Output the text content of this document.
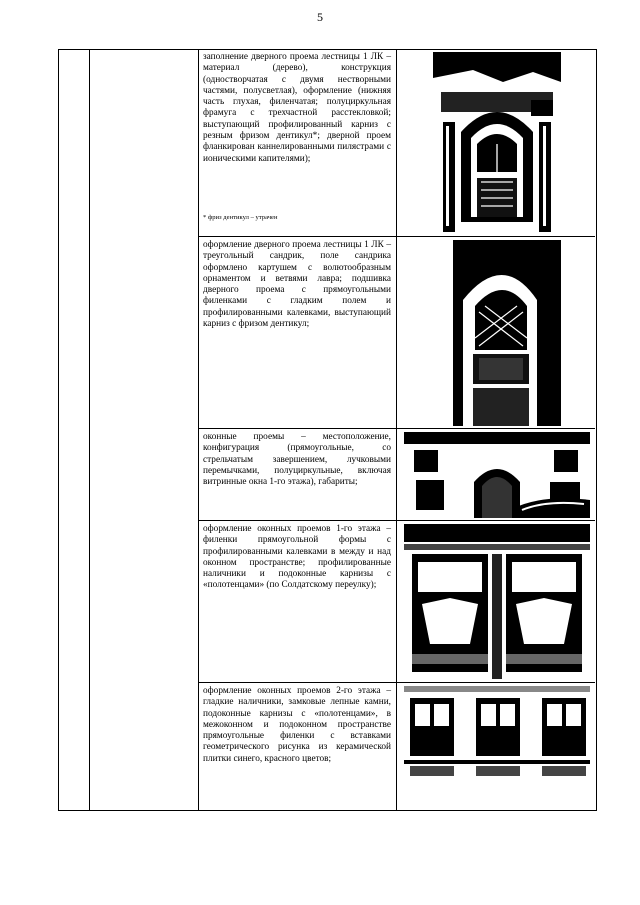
5
заполнение дверного проема лестницы 1 ЛК – материал (дерево), конструкция (одностворчатая с двумя нестворными частями, полусветлая), оформление (нижняя часть глухая, филенчатая; полуциркульная фрамуга с трехчастной расстекловкой; выступающий профилированный карниз с резным фризом дентикул*; дверной проем фланкирован каннелированными пилястрами с ионическими капителями);
* фриз дентикул – утрачен
оформление дверного проема лестницы 1 ЛК – треугольный сандрик, поле сандрика оформлено картушем с волютообразным орнаментом и ветвями лавра; подшивка дверного проема с прямоугольными филенками с гладким полем и профилированными калевками, выступающий карниз с фризом дентикул;
оконные проемы – местоположение, конфигурация (прямоугольные, со стрельчатым завершением, лучковыми перемычками, полуциркульные, включая витринные окна 1-го этажа), габариты;
оформление оконных проемов 1-го этажа – филенки прямоугольной формы с профилированными калевками в между и над оконном пространстве; профилированные наличники и подоконные карнизы с «полотенцами» (по Солдатскому переулку);
оформление оконных проемов 2-го этажа – гладкие наличники, замковые лепные камни, подоконные карнизы с «полотенцами», в межоконном и подоконном пространстве прямоугольные филенки с вставками геометрического рисунка из керамической плитки синего, красного цветов;
